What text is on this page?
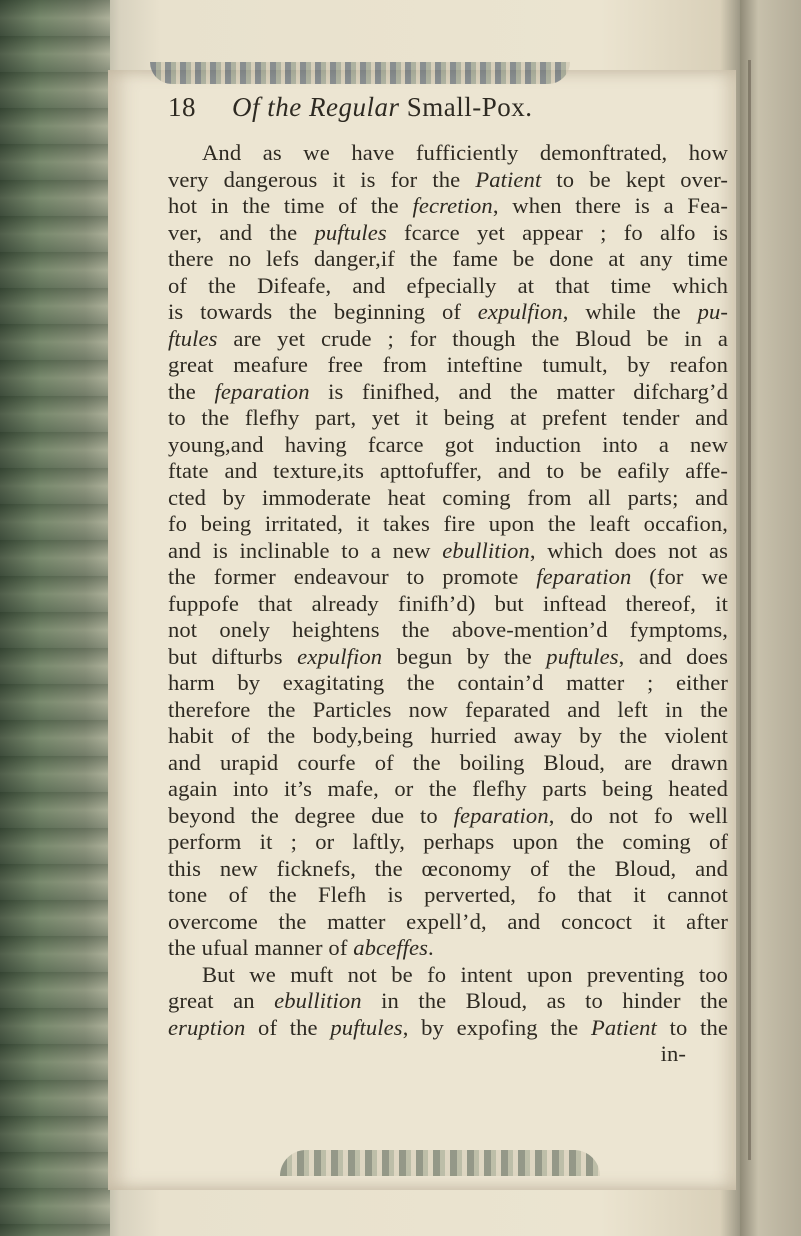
18	Of the Regular Small-Pox.
And as we have fufficiently demonftrated, how
very dangerous it is for the Patient to be kept over-
hot in the time of the fecretion, when there is a Fea-
ver, and the puftules fcarce yet appear ; fo alfo is
there no lefs danger,if the fame be done at any time
of the Difeafe, and efpecially at that time which
is towards the beginning of expulfion, while the pu-
ftules are yet crude ; for though the Bloud be in a
great meafure free from inteftine tumult, by reafon
the feparation is finifhed, and the matter difcharg’d
to the flefhy part, yet it being at prefent tender and
young,and having fcarce got induction into a new
ftate and texture,its apttofuffer, and to be eafily affe-
cted by immoderate heat coming from all parts; and
fo being irritated, it takes fire upon the leaft occafion,
and is inclinable to a new ebullition, which does not as
the former endeavour to promote feparation (for we
fuppofe that already finifh’d) but inftead thereof, it
not onely heightens the above-mention’d fymptoms,
but difturbs expulfion begun by the puftules, and does
harm by exagitating the contain’d matter ; either
therefore the Particles now feparated and left in the
habit of the body,being hurried away by the violent
and urapid courfe of the boiling Bloud, are drawn
again into it’s mafe, or the flefhy parts being heated
beyond the degree due to feparation, do not fo well
perform it ; or laftly, perhaps upon the coming of
this new ficknefs, the œconomy of the Bloud, and
tone of the Flefh is perverted, fo that it cannot
overcome the matter expell’d, and concoct it after
the ufual manner of abceffes.
But we muft not be fo intent upon preventing too
great an ebullition in the Bloud, as to hinder the
eruption of the puftules, by expofing the Patient to the
in-
